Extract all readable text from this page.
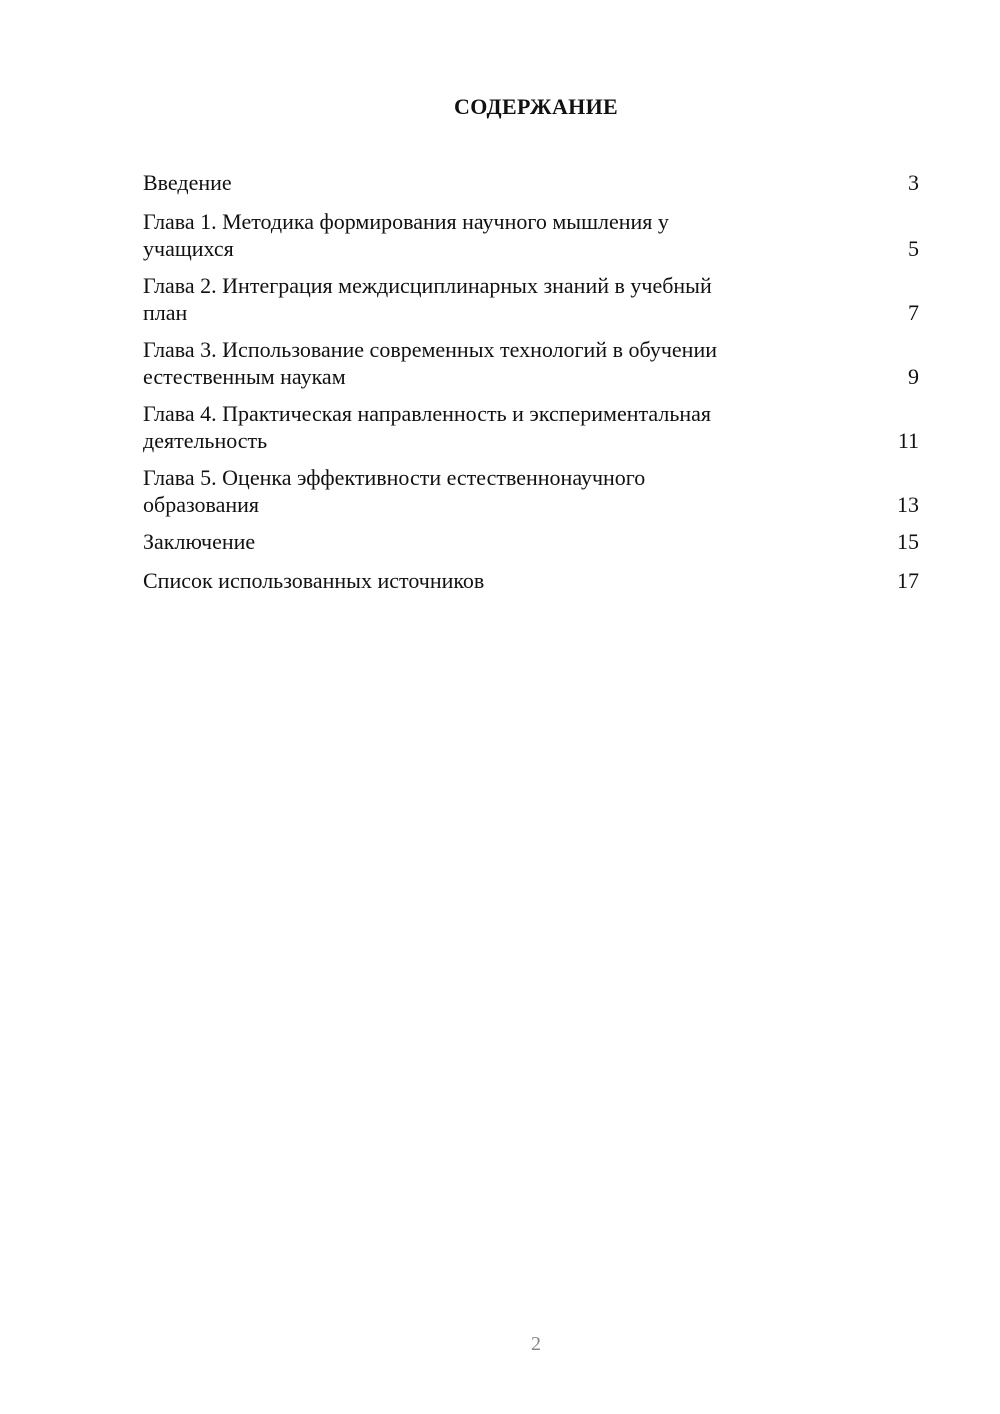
СОДЕРЖАНИЕ
Введение	3
Глава 1. Методика формирования научного мышления у
учащихся	5
Глава 2. Интеграция междисциплинарных знаний в учебный
план	7
Глава 3. Использование современных технологий в обучении
естественным наукам	9
Глава 4. Практическая направленность и экспериментальная
деятельность	11
Глава 5. Оценка эффективности естественнонаучного
образования	13
Заключение	15
Список использованных источников	17
2
